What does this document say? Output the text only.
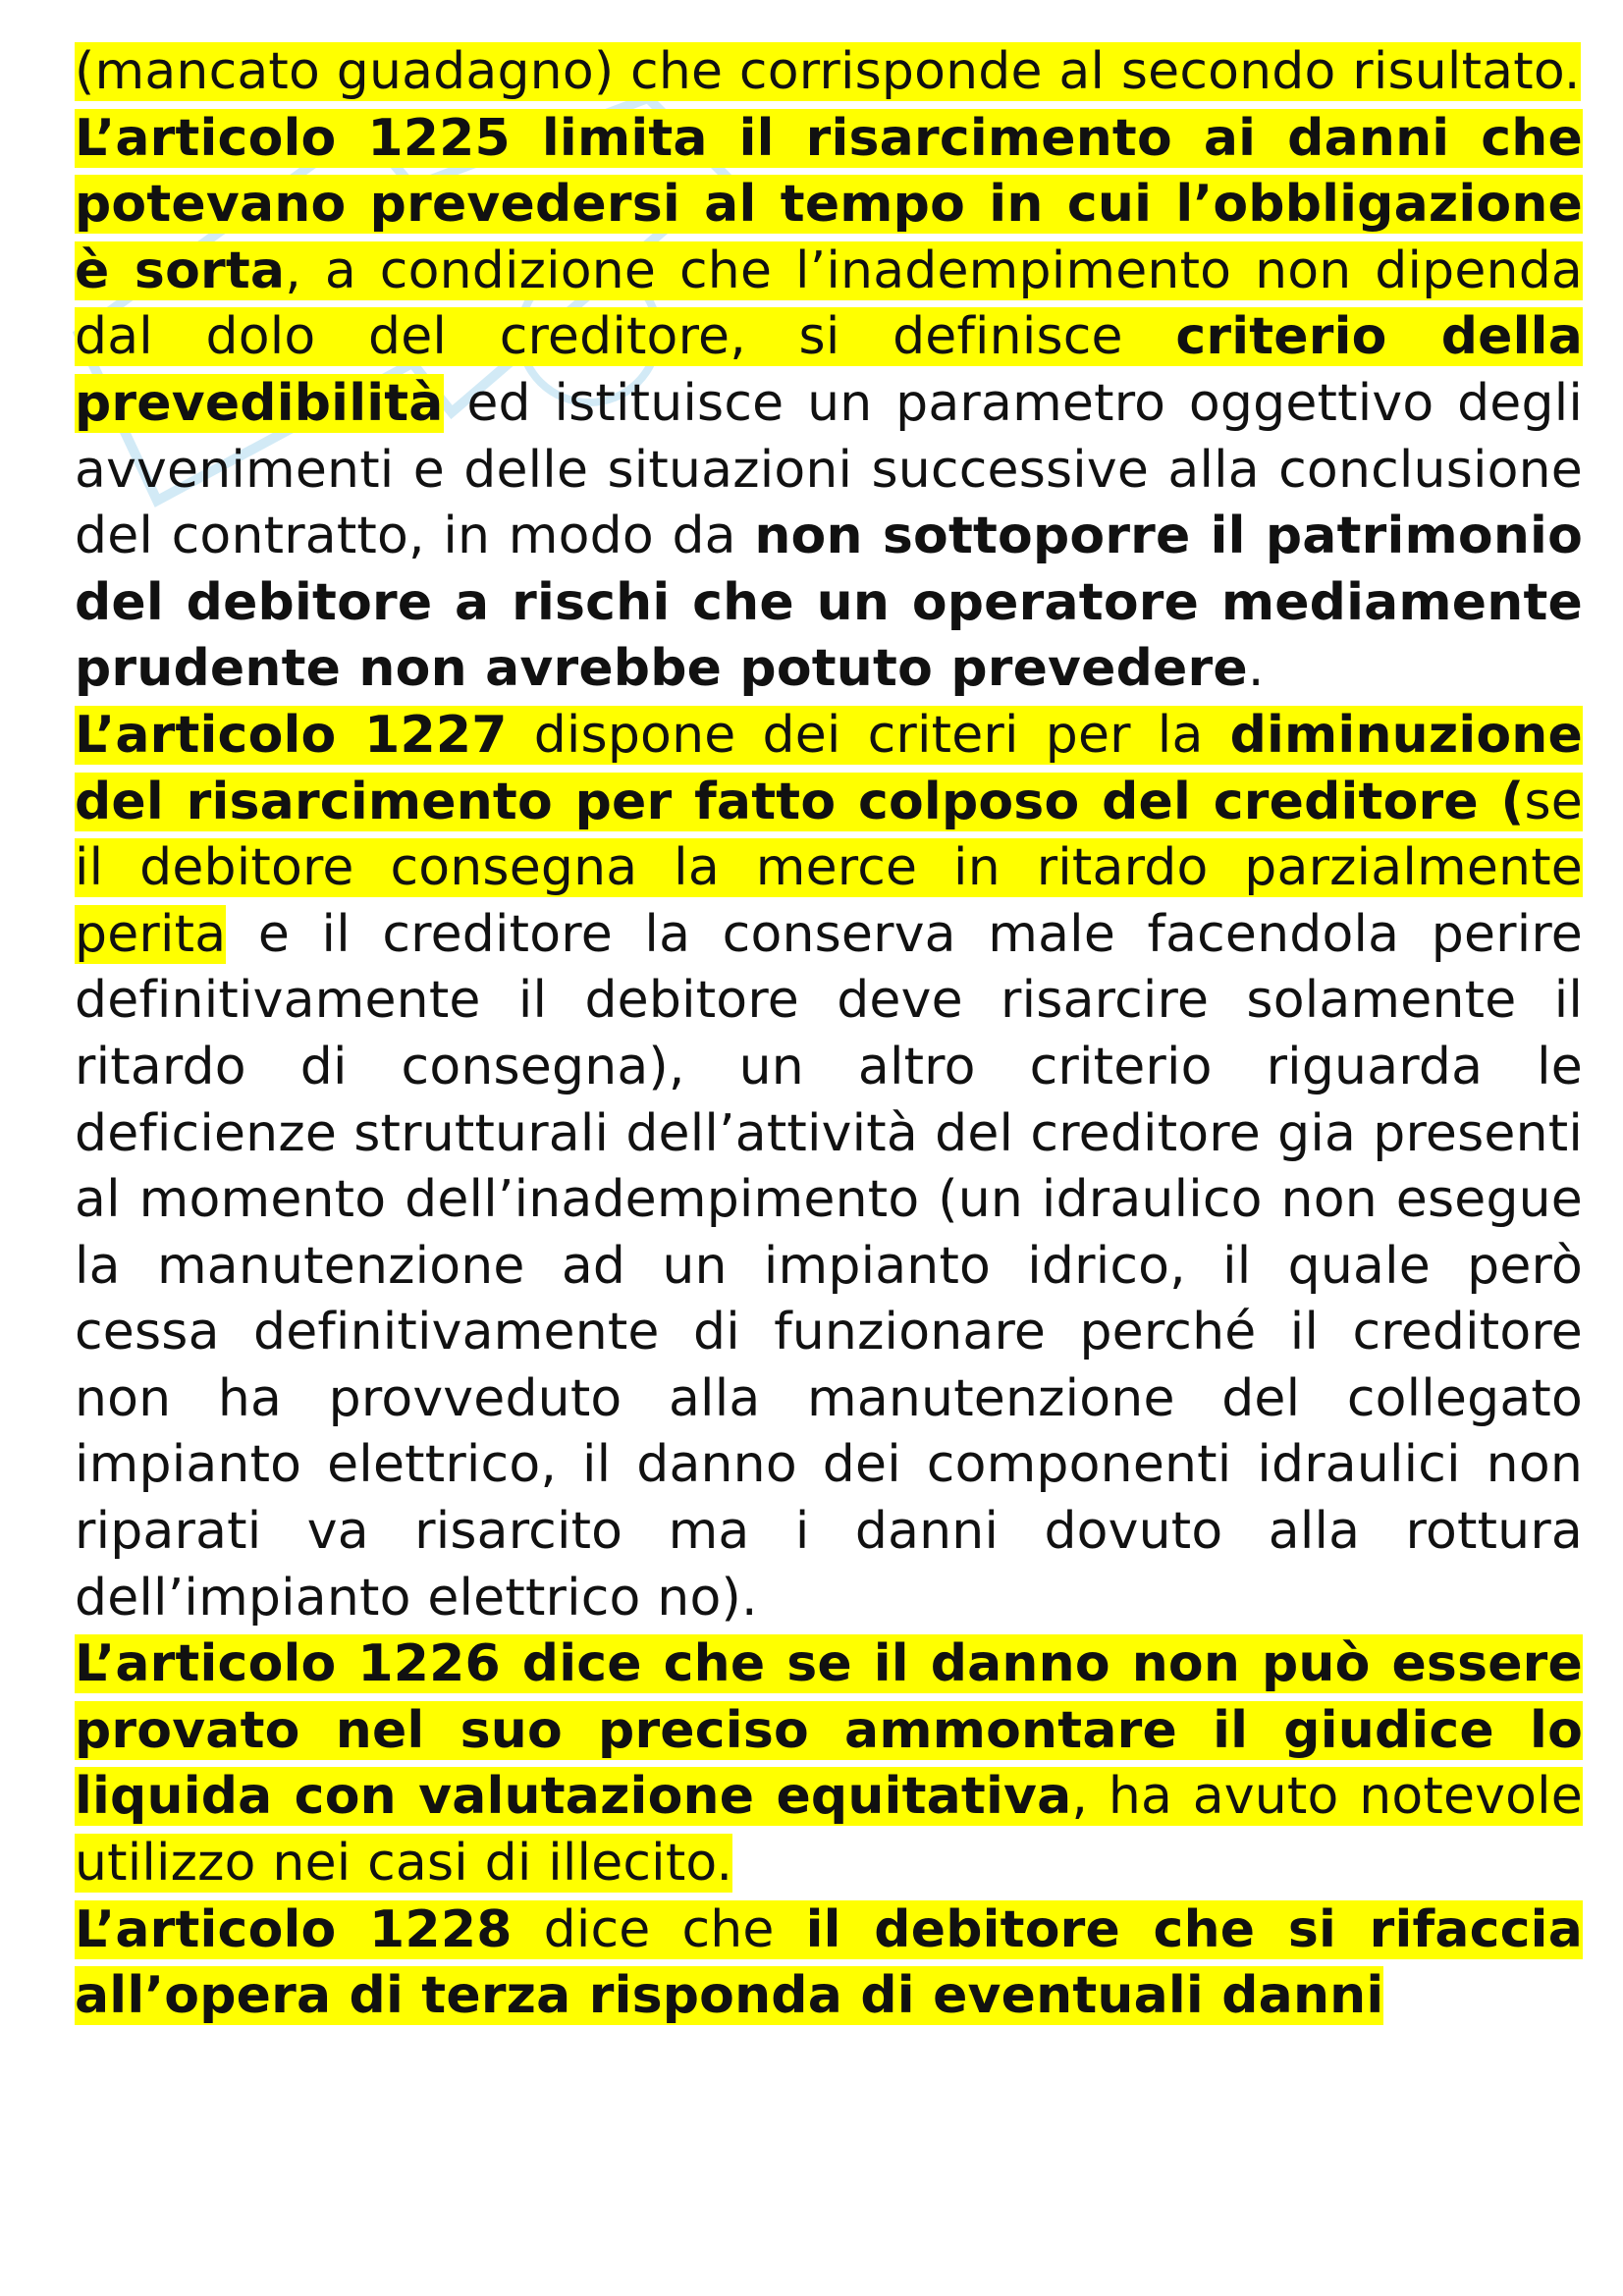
(mancato guadagno) che corrisponde al secondo risultato.

L’articolo 1225 limita il risarcimento ai danni che potevano prevedersi al tempo in cui l’obbligazione è sorta, a condizione che l’inadempimento non dipenda dal dolo del creditore, si definisce criterio della prevedibilità ed istituisce un parametro oggettivo degli avvenimenti e delle situazioni successive alla conclusione del contratto, in modo da non sottoporre il patrimonio del debitore a rischi che un operatore mediamente prudente non avrebbe potuto prevedere.

L’articolo 1227 dispone dei criteri per la diminuzione del risarcimento per fatto colposo del creditore (se il debitore consegna la merce in ritardo parzialmente perita e il creditore la conserva male facendola perire definitivamente il debitore deve risarcire solamente il ritardo di consegna), un altro criterio riguarda le deficienze strutturali dell’attività del creditore gia presenti al momento dell’inadempimento (un idraulico non esegue la manutenzione ad un impianto idrico, il quale però cessa definitivamente di funzionare perché il creditore non ha provveduto alla manutenzione del collegato impianto elettrico, il danno dei componenti idraulici non riparati va risarcito ma i danni dovuto alla rottura dell’impianto elettrico no).

L’articolo 1226 dice che se il danno non può essere provato nel suo preciso ammontare il giudice lo liquida con valutazione equitativa, ha avuto notevole utilizzo nei casi di illecito.

L’articolo 1228 dice che il debitore che si rifaccia all’opera di terza risponda di eventuali danni
